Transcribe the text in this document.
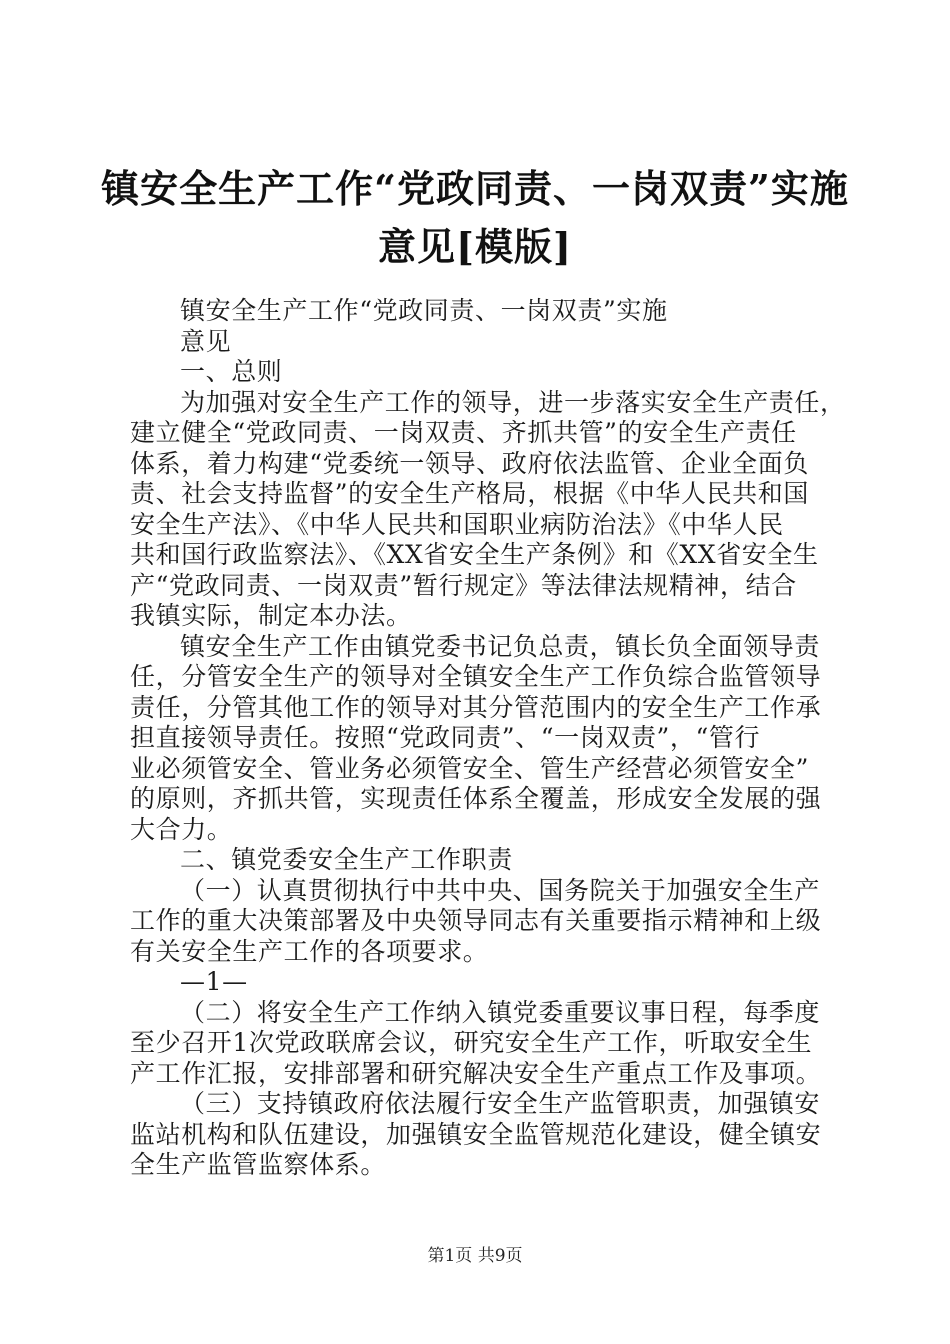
镇安全生产工作“党政同责、一岗双责”实施
意见[模版]
镇安全生产工作“党政同责、一岗双责”实施
意见
一、总则
为加强对安全生产工作的领导，进一步落实安全生产责任，
建立健全“党政同责、一岗双责、齐抓共管”的安全生产责任
体系，着力构建“党委统一领导、政府依法监管、企业全面负
责、社会支持监督”的安全生产格局，根据《中华人民共和国
安全生产法》、《中华人民共和国职业病防治法》《中华人民
共和国行政监察法》、《XX省安全生产条例》和《XX省安全生
产“党政同责、一岗双责”暂行规定》等法律法规精神，结合
我镇实际，制定本办法。
镇安全生产工作由镇党委书记负总责，镇长负全面领导责
任，分管安全生产的领导对全镇安全生产工作负综合监管领导
责任，分管其他工作的领导对其分管范围内的安全生产工作承
担直接领导责任。按照“党政同责”、“一岗双责”，“管行
业必须管安全、管业务必须管安全、管生产经营必须管安全”
的原则，齐抓共管，实现责任体系全覆盖，形成安全发展的强
大合力。
二、镇党委安全生产工作职责
（一）认真贯彻执行中共中央、国务院关于加强安全生产
工作的重大决策部署及中央领导同志有关重要指示精神和上级
有关安全生产工作的各项要求。
—1—
（二）将安全生产工作纳入镇党委重要议事日程，每季度
至少召开1次党政联席会议，研究安全生产工作，听取安全生
产工作汇报，安排部署和研究解决安全生产重点工作及事项。
（三）支持镇政府依法履行安全生产监管职责，加强镇安
监站机构和队伍建设，加强镇安全监管规范化建设，健全镇安
全生产监管监察体系。
第1页 共9页
